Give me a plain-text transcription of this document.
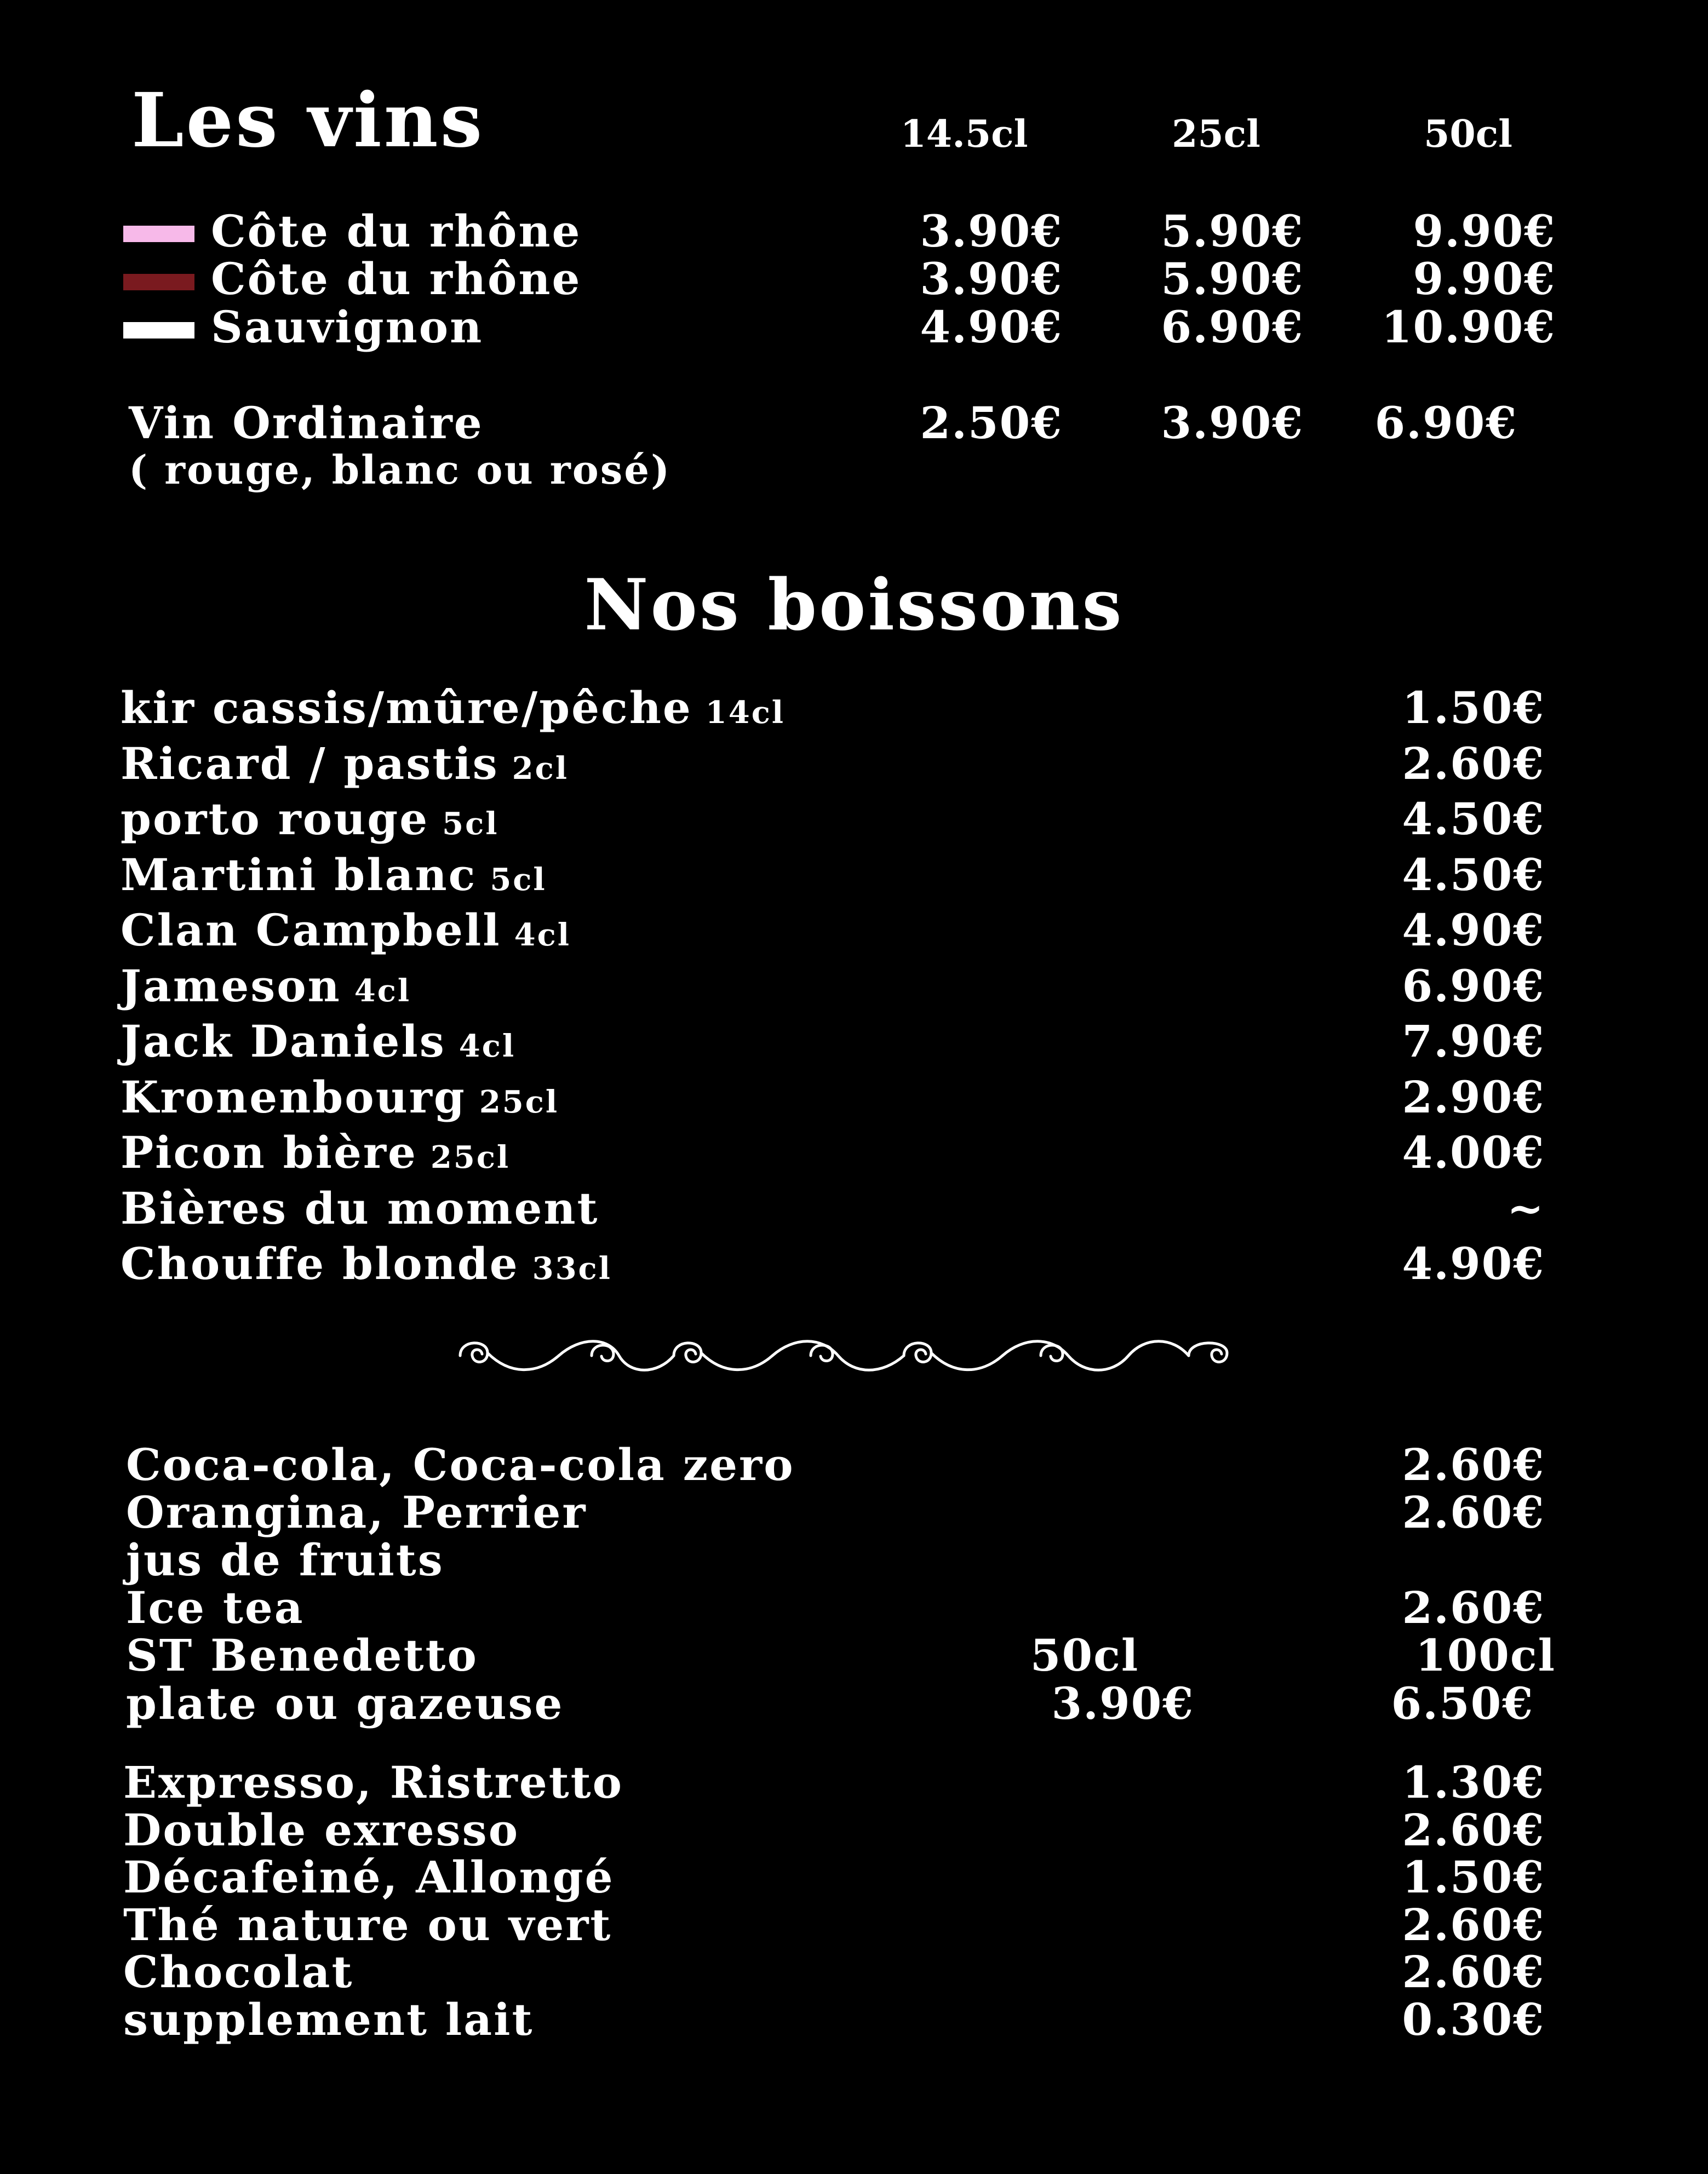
Les vins	14.5cl	25cl	50cl
Côte du rhône	3.90€	5.90€	9.90€
Côte du rhône	3.90€	5.90€	9.90€
Sauvignon	4.90€	6.90€	10.90€
Vin Ordinaire	2.50€	3.90€	6.90€
( rouge, blanc ou rosé)
Nos boissons
kir cassis/mûre/pêche 14cl	1.50€
Ricard / pastis 2cl	2.60€
porto rouge 5cl	4.50€
Martini blanc 5cl	4.50€
Clan Campbell 4cl	4.90€
Jameson 4cl	6.90€
Jack Daniels 4cl	7.90€
Kronenbourg 25cl	2.90€
Picon bière 25cl	4.00€
Bières du moment	~
Chouffe blonde 33cl	4.90€
Coca-cola, Coca-cola zero	2.60€
Orangina, Perrier	2.60€
jus de fruits
Ice tea	2.60€
ST Benedetto	50cl	100cl
plate ou gazeuse	3.90€	6.50€
Expresso, Ristretto	1.30€
Double exresso	2.60€
Décafeiné, Allongé	1.50€
Thé nature ou vert	2.60€
Chocolat	2.60€
supplement lait	0.30€
